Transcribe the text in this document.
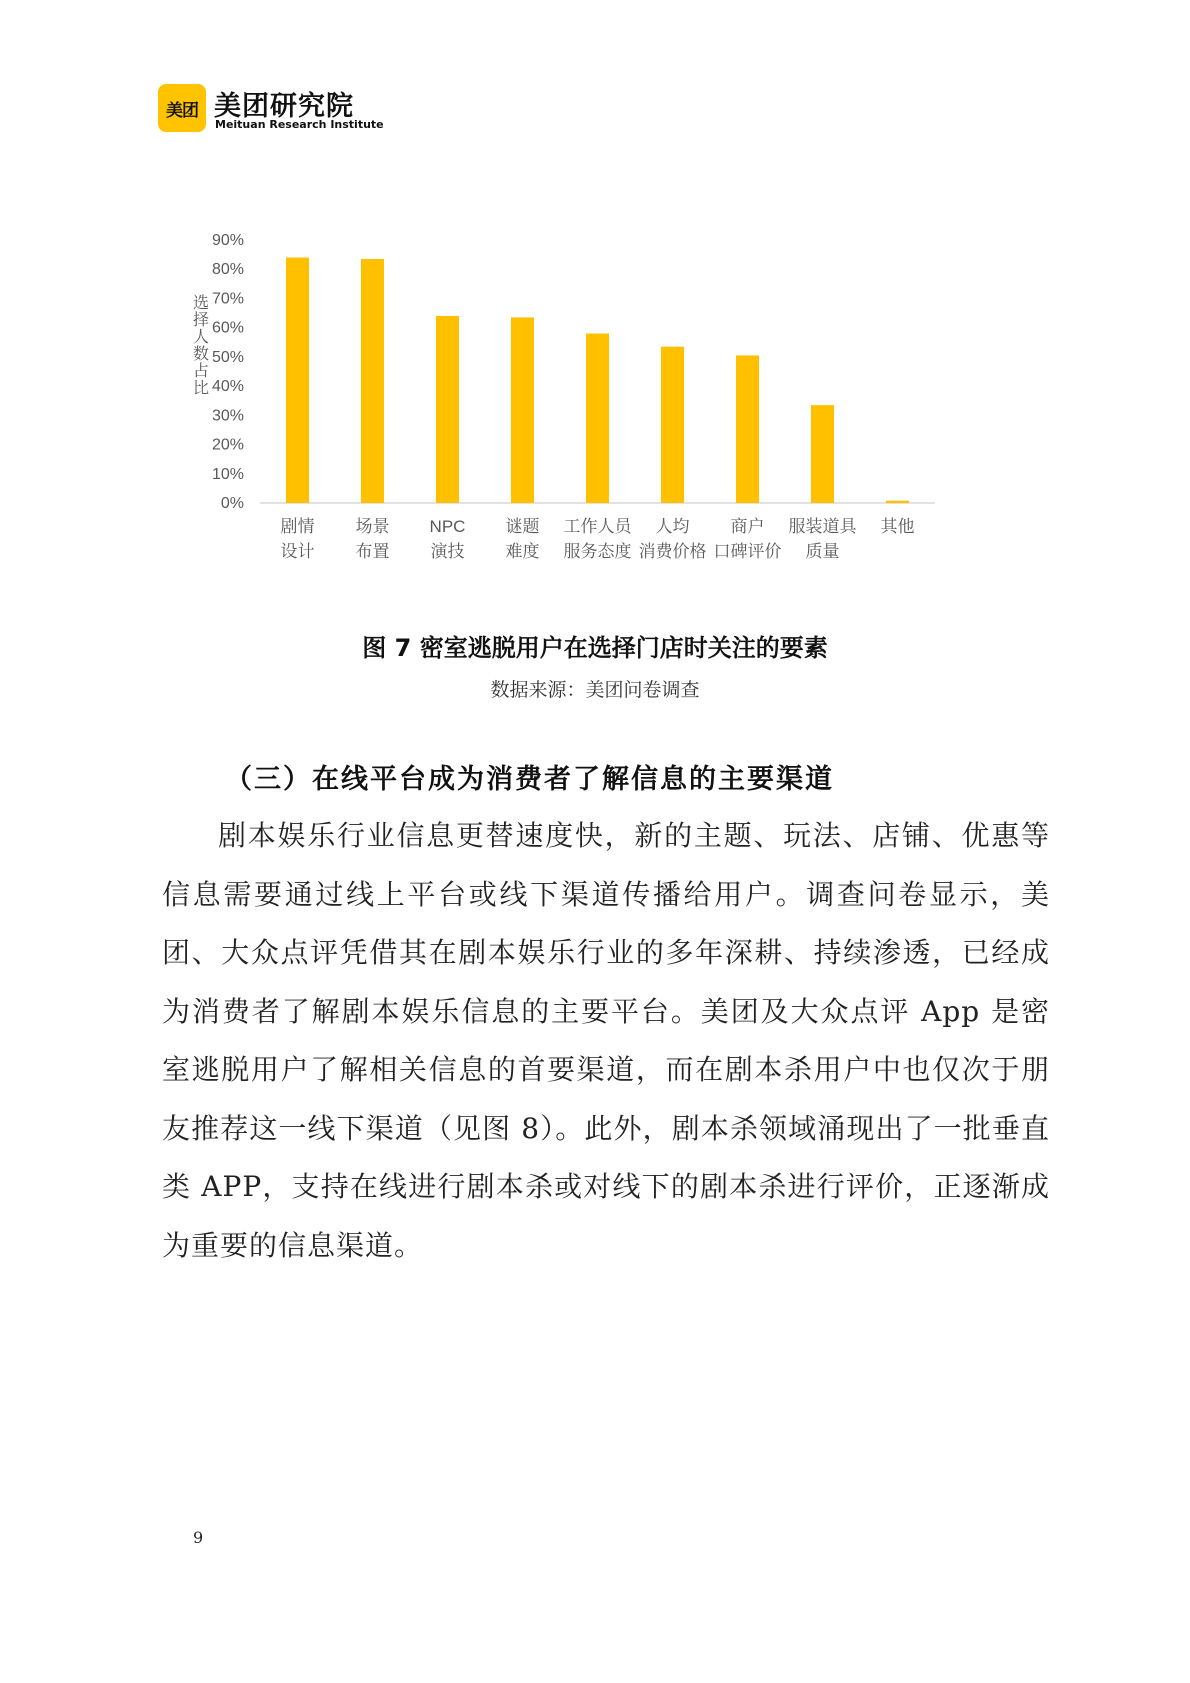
美团 美团研究院
Meituan Research Institute
选
择
人
数
占
比
0%
10%
20%
30%
40%
50%
60%
70%
80%
90%
剧情
设计
场景
布置
NPC
演技
谜题
难度
工作人员
服务态度
人均
消费价格
商户
口碑评价
服装道具
质量
其他
图 7 密室逃脱用户在选择门店时关注的要素
数据来源：美团问卷调查
（三）在线平台成为消费者了解信息的主要渠道

剧本娱乐行业信息更替速度快，新的主题、玩法、店铺、优惠等信息需要通过线上平台或线下渠道传播给用户。调查问卷显示，美团、大众点评凭借其在剧本娱乐行业的多年深耕、持续渗透，已经成为消费者了解剧本娱乐信息的主要平台。美团及大众点评 App 是密室逃脱用户了解相关信息的首要渠道，而在剧本杀用户中也仅次于朋友推荐这一线下渠道（见图 8）。此外，剧本杀领域涌现出了一批垂直类 APP，支持在线进行剧本杀或对线下的剧本杀进行评价，正逐渐成为重要的信息渠道。

9
